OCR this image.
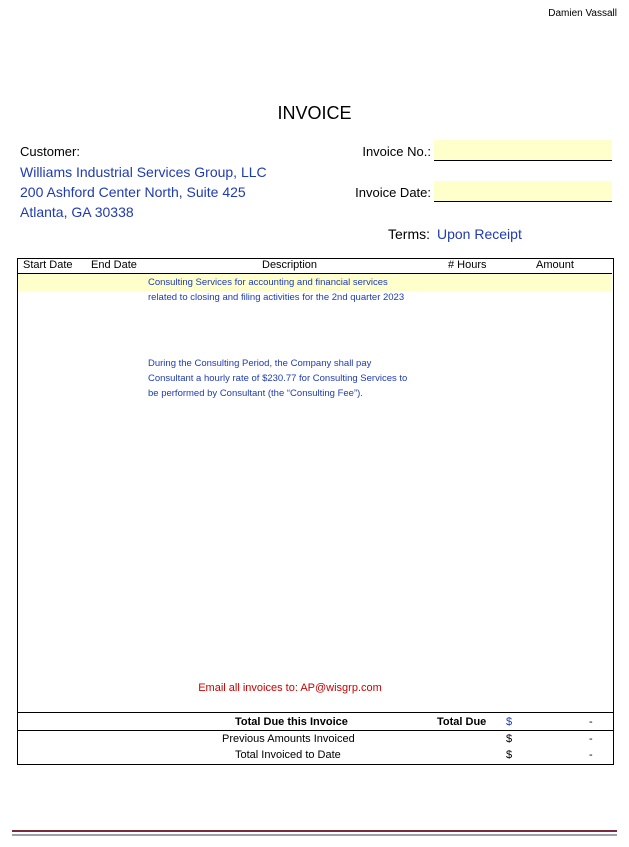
Damien Vassall
INVOICE
Customer:
Williams Industrial Services Group, LLC
200 Ashford Center North, Suite 425
Atlanta, GA 30338
Invoice No.:
Invoice Date:
Terms: Upon Receipt
Start Date End Date	Description	# Hours	Amount
Consulting Services for accounting and financial services
related to closing and filing activities for the 2nd quarter 2023
During the Consulting Period, the Company shall pay
Consultant a hourly rate of $230.77 for Consulting Services to
be performed by Consultant (the “Consulting Fee”).
Email all invoices to: AP@wisgrp.com
Total Due this Invoice	Total Due $	-
Previous Amounts Invoiced	$	-
Total Invoiced to Date	$	-
